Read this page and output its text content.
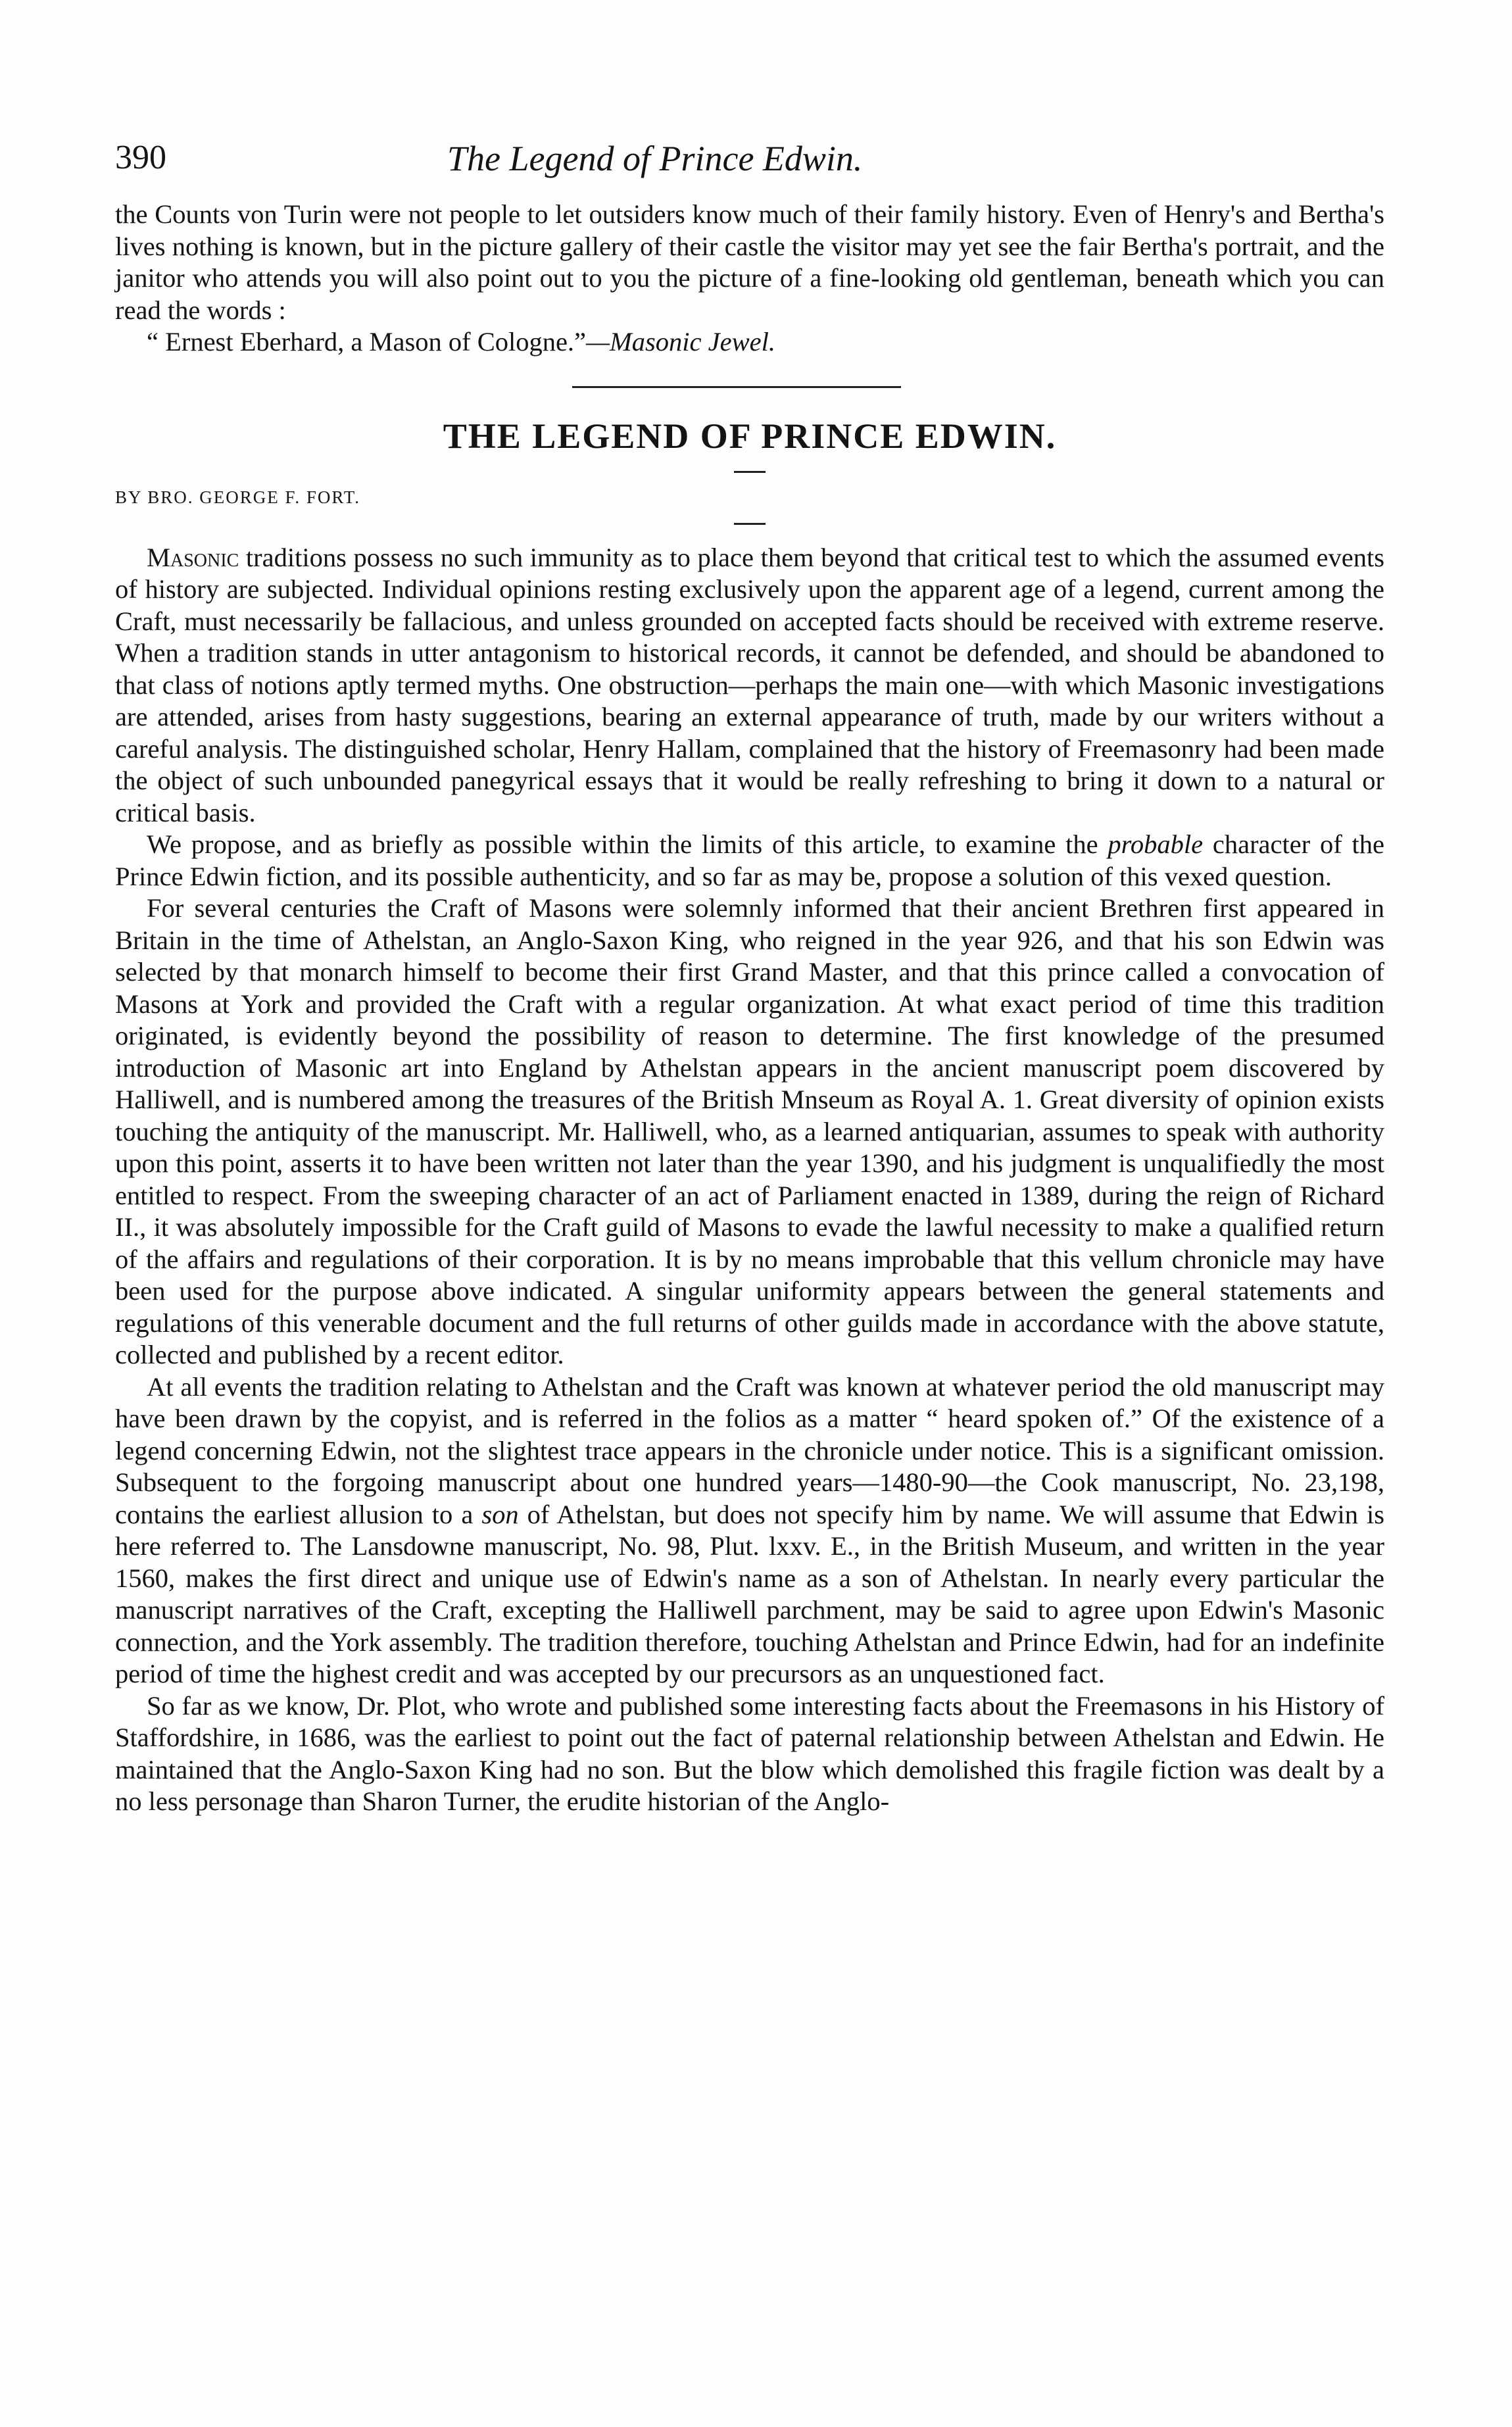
390	The Legend of Prince Edwin.

the Counts von Turin were not people to let outsiders know much of their family history. Even of Henry's and Bertha's lives nothing is known, but in the picture gallery of their castle the visitor may yet see the fair Bertha's portrait, and the janitor who attends you will also point out to you the picture of a fine-looking old gentleman, beneath which you can read the words :

“ Ernest Eberhard, a Mason of Cologne.”—Masonic Jewel.

THE LEGEND OF PRINCE EDWIN.

BY BRO. GEORGE F. FORT.

Masonic traditions possess no such immunity as to place them beyond that critical test to which the assumed events of history are subjected. Individual opinions resting exclusively upon the apparent age of a legend, current among the Craft, must necessarily be fallacious, and unless grounded on accepted facts should be received with extreme reserve. When a tradition stands in utter antagonism to historical records, it cannot be defended, and should be abandoned to that class of notions aptly termed myths. One obstruction—perhaps the main one—with which Masonic investigations are attended, arises from hasty suggestions, bearing an external appearance of truth, made by our writers without a careful analysis. The distinguished scholar, Henry Hallam, complained that the history of Freemasonry had been made the object of such unbounded panegyrical essays that it would be really refreshing to bring it down to a natural or critical basis.

We propose, and as briefly as possible within the limits of this article, to examine the probable character of the Prince Edwin fiction, and its possible authenticity, and so far as may be, propose a solution of this vexed question.

For several centuries the Craft of Masons were solemnly informed that their ancient Brethren first appeared in Britain in the time of Athelstan, an Anglo-Saxon King, who reigned in the year 926, and that his son Edwin was selected by that monarch himself to become their first Grand Master, and that this prince called a convocation of Masons at York and provided the Craft with a regular organization. At what exact period of time this tradition originated, is evidently beyond the possibility of reason to determine. The first knowledge of the presumed introduction of Masonic art into England by Athelstan appears in the ancient manuscript poem discovered by Halliwell, and is numbered among the treasures of the British Mnseum as Royal A. 1. Great diversity of opinion exists touching the antiquity of the manuscript. Mr. Halliwell, who, as a learned antiquarian, assumes to speak with authority upon this point, asserts it to have been written not later than the year 1390, and his judgment is unqualifiedly the most entitled to respect. From the sweeping character of an act of Parliament enacted in 1389, during the reign of Richard II., it was absolutely impossible for the Craft guild of Masons to evade the lawful necessity to make a qualified return of the affairs and regulations of their corporation. It is by no means improbable that this vellum chronicle may have been used for the purpose above indicated. A singular uniformity appears between the general statements and regulations of this venerable document and the full returns of other guilds made in accordance with the above statute, collected and published by a recent editor.

At all events the tradition relating to Athelstan and the Craft was known at whatever period the old manuscript may have been drawn by the copyist, and is referred in the folios as a matter “ heard spoken of.” Of the existence of a legend concerning Edwin, not the slightest trace appears in the chronicle under notice. This is a significant omission. Subsequent to the forgoing manuscript about one hundred years—1480-90—the Cook manuscript, No. 23,198, contains the earliest allusion to a son of Athelstan, but does not specify him by name. We will assume that Edwin is here referred to. The Lansdowne manuscript, No. 98, Plut. lxxv. E., in the British Museum, and written in the year 1560, makes the first direct and unique use of Edwin's name as a son of Athelstan. In nearly every particular the manuscript narratives of the Craft, excepting the Halliwell parchment, may be said to agree upon Edwin's Masonic connection, and the York assembly. The tradition therefore, touching Athelstan and Prince Edwin, had for an indefinite period of time the highest credit and was accepted by our precursors as an unquestioned fact.

So far as we know, Dr. Plot, who wrote and published some interesting facts about the Freemasons in his History of Staffordshire, in 1686, was the earliest to point out the fact of paternal relationship between Athelstan and Edwin. He maintained that the Anglo-Saxon King had no son. But the blow which demolished this fragile fiction was dealt by a no less personage than Sharon Turner, the erudite historian of the Anglo-
